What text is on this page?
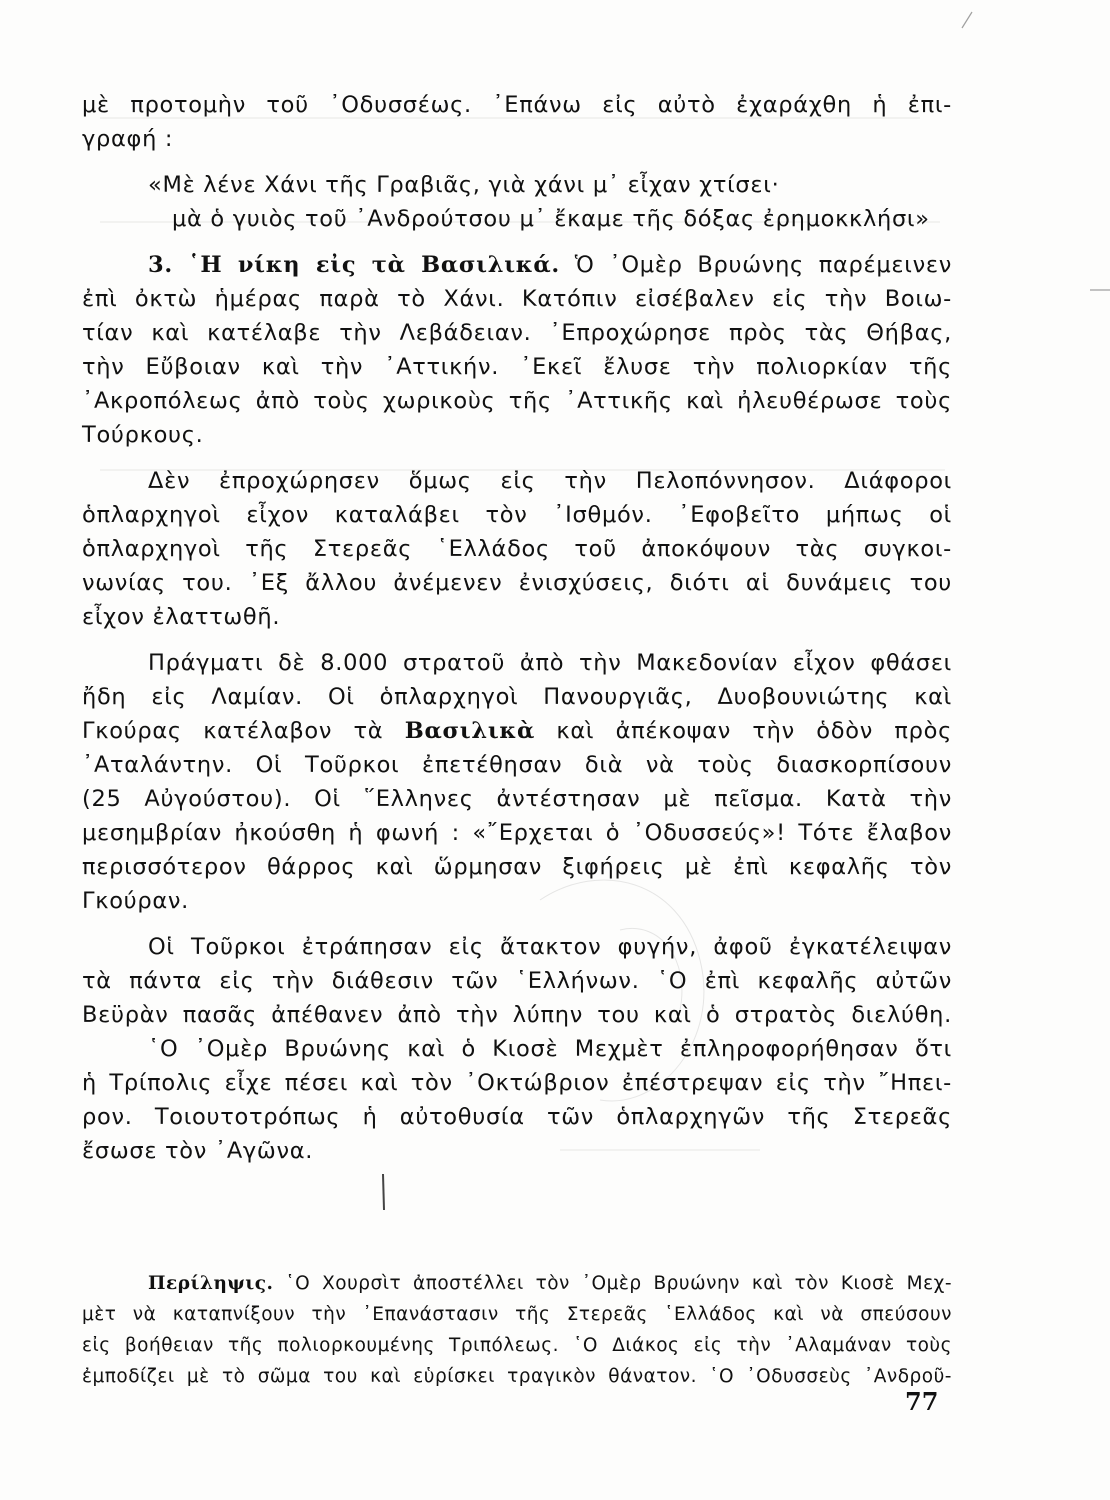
μὲ προτομὴν τοῦ ᾿Οδυσσέως. ᾿Επάνω εἰς αὐτὸ ἐχαράχθη ἡ ἐπι-
γραφή :
«Μὲ λένε Χάνι τῆς Γραβιᾶς, γιὰ χάνι μ᾿ εἶχαν χτίσει·
μὰ ὁ γυιὸς τοῦ ᾿Ανδρούτσου μ᾿ ἔκαμε τῆς δόξας ἐρημοκκλήσι»
3. ῾Η νίκη εἰς τὰ Βασιλικά. Ὁ ᾿Ομὲρ Βρυώνης παρέμεινεν
ἐπὶ ὀκτὼ ἡμέρας παρὰ τὸ Χάνι. Κατόπιν εἰσέβαλεν εἰς τὴν Βοιω-
τίαν καὶ κατέλαβε τὴν Λεβάδειαν. ᾿Επροχώρησε πρὸς τὰς Θήβας,
τὴν Εὔβοιαν καὶ τὴν ᾿Αττικήν. ᾿Εκεῖ ἔλυσε τὴν πολιορκίαν τῆς
᾿Ακροπόλεως ἀπὸ τοὺς χωρικοὺς τῆς ᾿Αττικῆς καὶ ἠλευθέρωσε τοὺς
Τούρκους.
Δὲν ἐπροχώρησεν ὅμως εἰς τὴν Πελοπόννησον. Διάφοροι
ὁπλαρχηγοὶ εἶχον καταλάβει τὸν ᾿Ισθμόν. ᾿Εφοβεῖτο μήπως οἱ
ὁπλαρχηγοὶ τῆς Στερεᾶς ῾Ελλάδος τοῦ ἀποκόψουν τὰς συγκοι-
νωνίας του. ᾿Εξ ἄλλου ἀνέμενεν ἐνισχύσεις, διότι αἱ δυνάμεις του
εἶχον ἐλαττωθῆ.
Πράγματι δὲ 8.000 στρατοῦ ἀπὸ τὴν Μακεδονίαν εἶχον φθάσει
ἤδη εἰς Λαμίαν. Οἱ ὁπλαρχηγοὶ Πανουργιᾶς, Δυοβουνιώτης καὶ
Γκούρας κατέλαβον τὰ Βασιλικὰ καὶ ἀπέκοψαν τὴν ὁδὸν πρὸς
᾿Αταλάντην. Οἱ Τοῦρκοι ἐπετέθησαν διὰ νὰ τοὺς διασκορπίσουν
(25 Αὐγούστου). Οἱ ῞Ελληνες ἀντέστησαν μὲ πεῖσμα. Κατὰ τὴν
μεσημβρίαν ἠκούσθη ἡ φωνή : «῎Ερχεται ὁ ᾿Οδυσσεύς»! Τότε ἔλαβον
περισσότερον θάρρος καὶ ὥρμησαν ξιφήρεις μὲ ἐπὶ κεφαλῆς τὸν
Γκούραν.
Οἱ Τοῦρκοι ἐτράπησαν εἰς ἄτακτον φυγήν, ἀφοῦ ἐγκατέλειψαν
τὰ πάντα εἰς τὴν διάθεσιν τῶν ῾Ελλήνων. ῾Ο ἐπὶ κεφαλῆς αὐτῶν
Βεϋρὰν πασᾶς ἀπέθανεν ἀπὸ τὴν λύπην του καὶ ὁ στρατὸς διελύθη.
῾Ο ᾿Ομὲρ Βρυώνης καὶ ὁ Κιοσὲ Μεχμὲτ ἐπληροφορήθησαν ὅτι
ἡ Τρίπολις εἶχε πέσει καὶ τὸν ᾿Οκτώβριον ἐπέστρεψαν εἰς τὴν ῎Ηπει-
ρον. Τοιουτοτρόπως ἡ αὐτοθυσία τῶν ὁπλαρχηγῶν τῆς Στερεᾶς
ἔσωσε τὸν ᾿Αγῶνα.
Περίληψις. ῾Ο Χουρσὶτ ἀποστέλλει τὸν ᾿Ομὲρ Βρυώνην καὶ τὸν Κιοσὲ Μεχ-
μὲτ νὰ καταπνίξουν τὴν ᾿Επανάστασιν τῆς Στερεᾶς ῾Ελλάδος καὶ νὰ σπεύσουν
εἰς βοήθειαν τῆς πολιορκουμένης Τριπόλεως. ῾Ο Διάκος εἰς τὴν ᾿Αλαμάναν τοὺς
ἐμποδίζει μὲ τὸ σῶμα του καὶ εὑρίσκει τραγικὸν θάνατον. ῾Ο ᾿Οδυσσεὺς ᾿Ανδροῦ-
77
